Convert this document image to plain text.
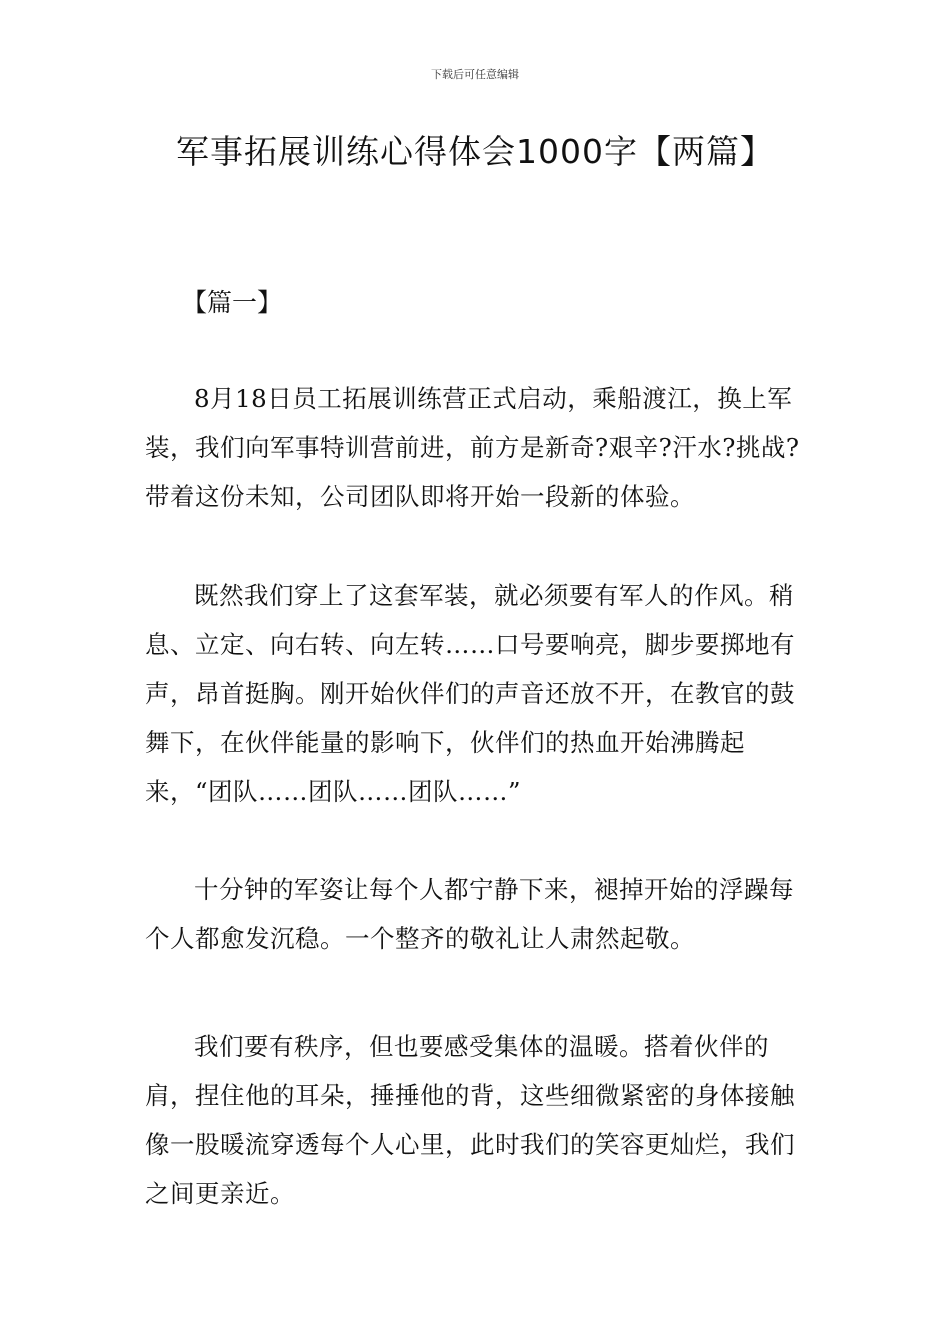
下载后可任意编辑
军事拓展训练心得体会1000字【两篇】
【篇一】

8月18日员工拓展训练营正式启动，乘船渡江，换上军装，我们向军事特训营前进，前方是新奇?艰辛?汗水?挑战?带着这份未知，公司团队即将开始一段新的体验。

既然我们穿上了这套军装，就必须要有军人的作风。稍息、立定、向右转、向左转……口号要响亮，脚步要掷地有声，昂首挺胸。刚开始伙伴们的声音还放不开，在教官的鼓舞下，在伙伴能量的影响下，伙伴们的热血开始沸腾起来，“团队……团队……团队……”

十分钟的军姿让每个人都宁静下来，褪掉开始的浮躁每个人都愈发沉稳。一个整齐的敬礼让人肃然起敬。

我们要有秩序，但也要感受集体的温暖。搭着伙伴的肩，捏住他的耳朵，捶捶他的背，这些细微紧密的身体接触像一股暖流穿透每个人心里，此时我们的笑容更灿烂，我们之间更亲近。
